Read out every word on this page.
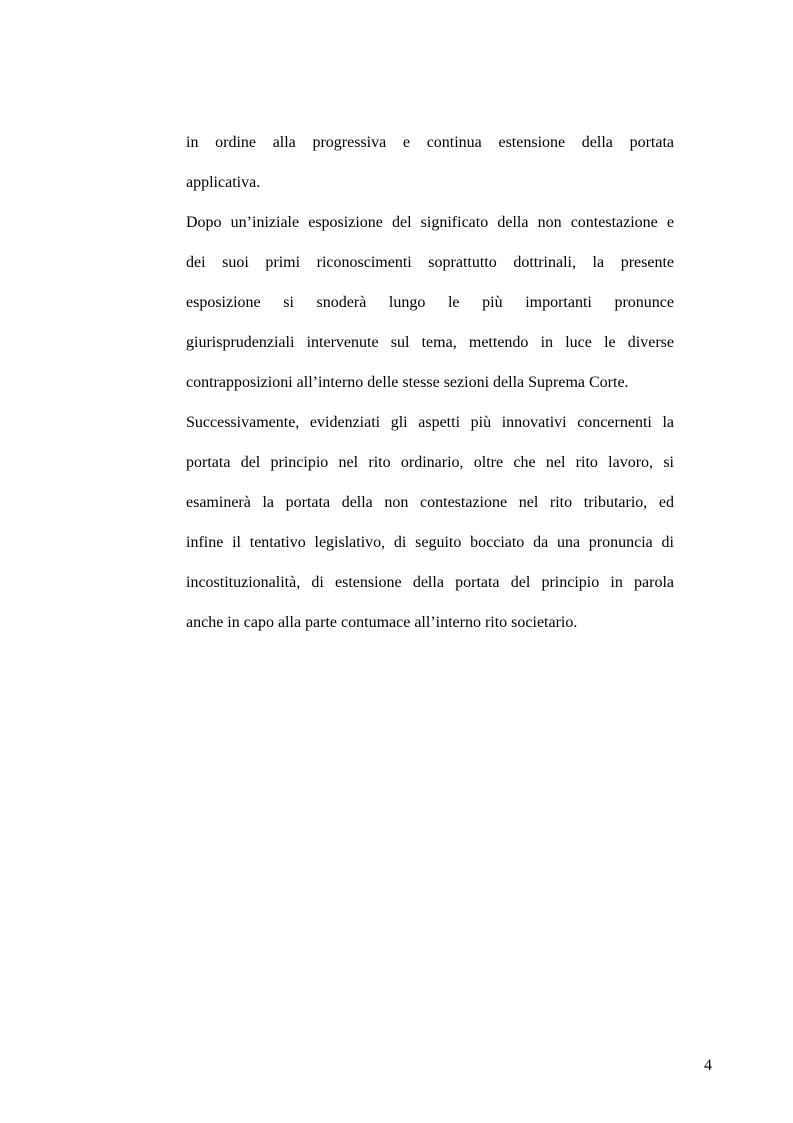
in ordine alla progressiva e continua estensione della portata
applicativa.
Dopo un’iniziale esposizione del significato della non contestazione e
dei suoi primi riconoscimenti soprattutto dottrinali, la presente
esposizione si snoderà lungo le più importanti pronunce
giurisprudenziali intervenute sul tema, mettendo in luce le diverse
contrapposizioni all’interno delle stesse sezioni della Suprema Corte.
Successivamente, evidenziati gli aspetti più innovativi concernenti la
portata del principio nel rito ordinario, oltre che nel rito lavoro, si
esaminerà la portata della non contestazione nel rito tributario, ed
infine il tentativo legislativo, di seguito bocciato da una pronuncia di
incostituzionalità, di estensione della portata del principio in parola
anche in capo alla parte contumace all’interno rito societario.
4
